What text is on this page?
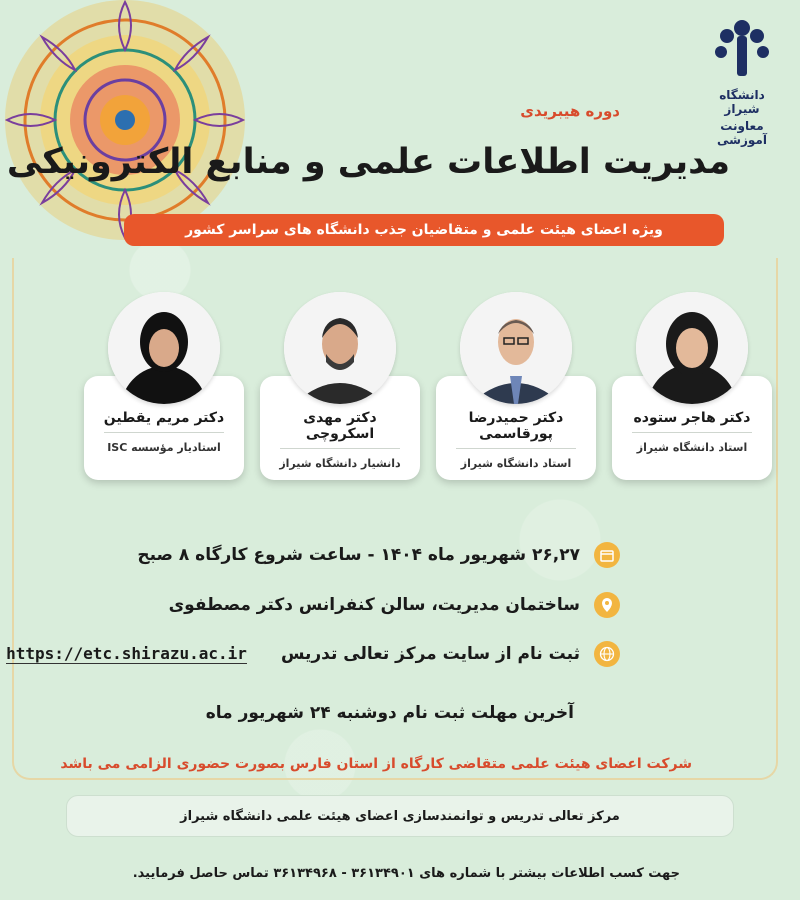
دانشگاه شیراز
معاونت آموزشی
دوره هیبریدی
مدیریت اطلاعات علمی و منابع الکترونیکی
ویژه اعضای هیئت علمی و متقاضیان جذب دانشگاه های سراسر کشور
دکتر هاجر ستوده
استاد دانشگاه شیراز
دکتر حمیدرضا پورقاسمی
استاد دانشگاه شیراز
دکتر مهدی اسکروچی
دانشیار دانشگاه شیراز
دکتر مریم یقطین
استادیار مؤسسه ISC
۲۶,۲۷ شهریور ماه ۱۴۰۴ - ساعت شروع کارگاه ۸ صبح
ساختمان مدیریت، سالن کنفرانس دکتر مصطفوی
ثبت نام از سایت مرکز تعالی تدریس
https://etc.shirazu.ac.ir
آخرین مهلت ثبت نام دوشنبه ۲۴ شهریور ماه
شرکت اعضای هیئت علمی متقاضی کارگاه از استان فارس بصورت حضوری الزامی می باشد
مرکز تعالی تدریس و توانمندسازی اعضای هیئت علمی دانشگاه شیراز
جهت کسب اطلاعات بیشتر با شماره های ۳۶۱۳۴۹۰۱ - ۳۶۱۳۴۹۶۸ تماس حاصل فرمایید.
